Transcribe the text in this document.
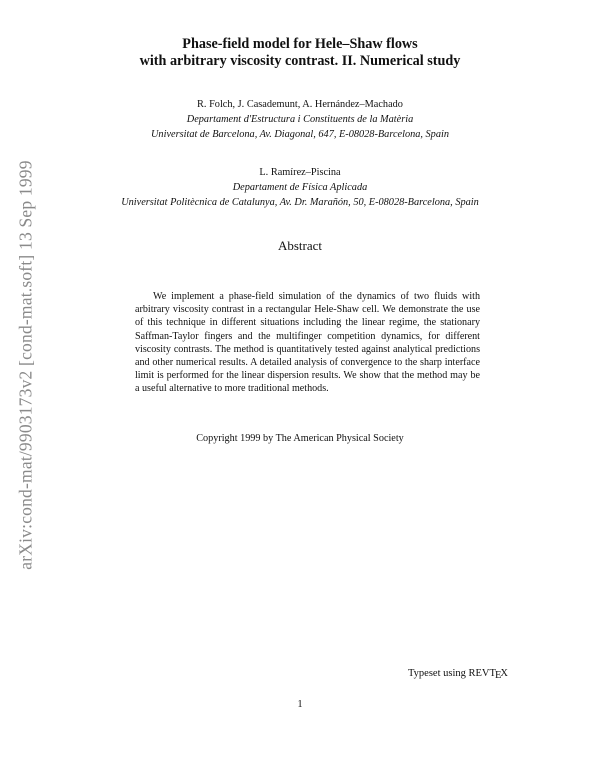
arXiv:cond-mat/9903173v2 [cond-mat.soft] 13 Sep 1999
Phase-field model for Hele–Shaw flows
with arbitrary viscosity contrast. II. Numerical study
R. Folch, J. Casademunt, A. Hernández–Machado
Departament d'Estructura i Constituents de la Matèria
Universitat de Barcelona, Av. Diagonal, 647, E-08028-Barcelona, Spain
L. Ramírez–Piscina
Departament de Física Aplicada
Universitat Politècnica de Catalunya, Av. Dr. Marañón, 50, E-08028-Barcelona, Spain
Abstract
We implement a phase-field simulation of the dynamics of two fluids with arbitrary viscosity contrast in a rectangular Hele-Shaw cell. We demonstrate the use of this technique in different situations including the linear regime, the stationary Saffman-Taylor fingers and the multifinger competition dynamics, for different viscosity contrasts. The method is quantitatively tested against analytical predictions and other numerical results. A detailed analysis of convergence to the sharp interface limit is performed for the linear dispersion results. We show that the method may be a useful alternative to more traditional methods.
Copyright 1999 by The American Physical Society
Typeset using REVTEX
1
